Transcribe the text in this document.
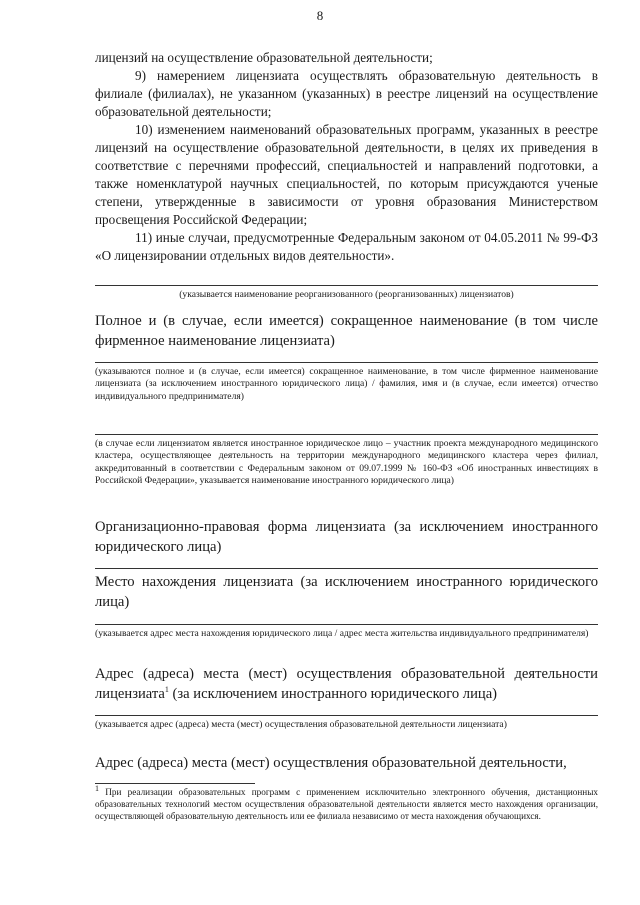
8

лицензий на осуществление образовательной деятельности;

9) намерением лицензиата осуществлять образовательную деятельность в филиале (филиалах), не указанном (указанных) в реестре лицензий на осуществление образовательной деятельности;

10) изменением наименований образовательных программ, указанных в реестре лицензий на осуществление образовательной деятельности, в целях их приведения в соответствие с перечнями профессий, специальностей и направлений подготовки, а также номенклатурой научных специальностей, по которым присуждаются ученые степени, утвержденные в зависимости от уровня образования Министерством просвещения Российской Федерации;

11) иные случаи, предусмотренные Федеральным законом от 04.05.2011 № 99-ФЗ «О лицензировании отдельных видов деятельности».

(указывается наименование реорганизованного (реорганизованных) лицензиатов)

Полное и (в случае, если имеется) сокращенное наименование (в том числе фирменное наименование лицензиата)

(указываются полное и (в случае, если имеется) сокращенное наименование, в том числе фирменное наименование лицензиата (за исключением иностранного юридического лица) / фамилия, имя и (в случае, если имеется) отчество индивидуального предпринимателя)

(в случае если лицензиатом является иностранное юридическое лицо – участник проекта международного медицинского кластера, осуществляющее деятельность на территории международного медицинского кластера через филиал, аккредитованный в соответствии с Федеральным законом от 09.07.1999 № 160-ФЗ «Об иностранных инвестициях в Российской Федерации», указывается наименование иностранного юридического лица)

Организационно-правовая форма лицензиата (за исключением иностранного юридического лица)

Место нахождения лицензиата (за исключением иностранного юридического лица)

(указывается адрес места нахождения юридического лица / адрес места жительства индивидуального предпринимателя)

Адрес (адреса) места (мест) осуществления образовательной деятельности лицензиата$^1$ (за исключением иностранного юридического лица)

(указывается адрес (адреса) места (мест) осуществления образовательной деятельности лицензиата)

Адрес (адреса) места (мест) осуществления образовательной деятельности,

$^1$ При реализации образовательных программ с применением исключительно электронного обучения, дистанционных образовательных технологий местом осуществления образовательной деятельности является место нахождения организации, осуществляющей образовательную деятельность или ее филиала независимо от места нахождения обучающихся.
